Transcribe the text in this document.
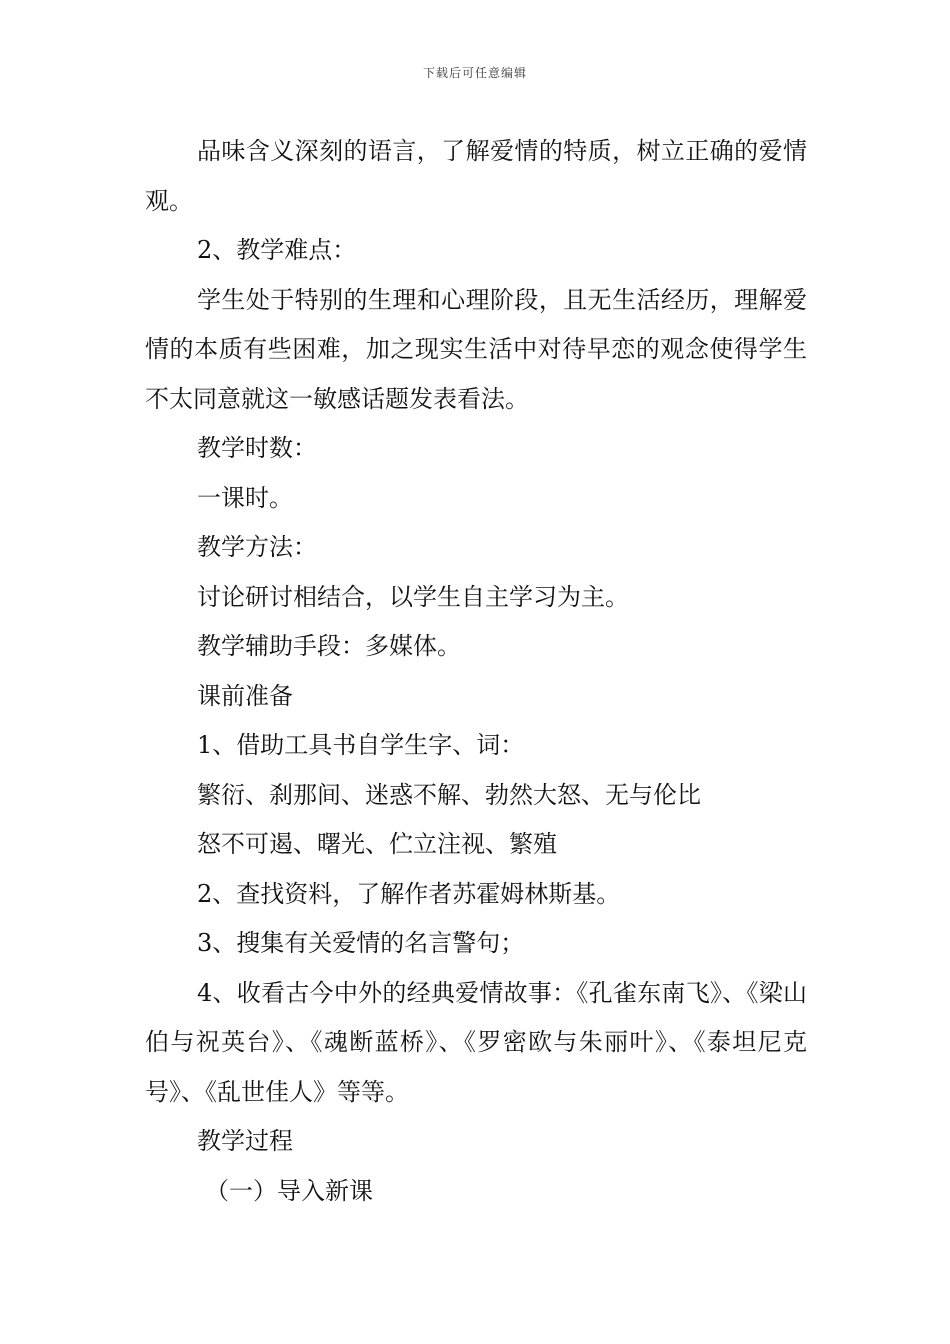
下载后可任意编辑

品味含义深刻的语言，了解爱情的特质，树立正确的爱情观。

2、教学难点：

学生处于特别的生理和心理阶段，且无生活经历，理解爱情的本质有些困难，加之现实生活中对待早恋的观念使得学生不太同意就这一敏感话题发表看法。

教学时数：

一课时。

教学方法：

讨论研讨相结合，以学生自主学习为主。

教学辅助手段：多媒体。

课前准备

1、借助工具书自学生字、词：

繁衍、刹那间、迷惑不解、勃然大怒、无与伦比

怒不可遏、曙光、伫立注视、繁殖

2、查找资料，了解作者苏霍姆林斯基。

3、搜集有关爱情的名言警句；

4、收看古今中外的经典爱情故事：《孔雀东南飞》、《梁山伯与祝英台》、《魂断蓝桥》、《罗密欧与朱丽叶》、《泰坦尼克号》、《乱世佳人》等等。

教学过程

（一）导入新课
